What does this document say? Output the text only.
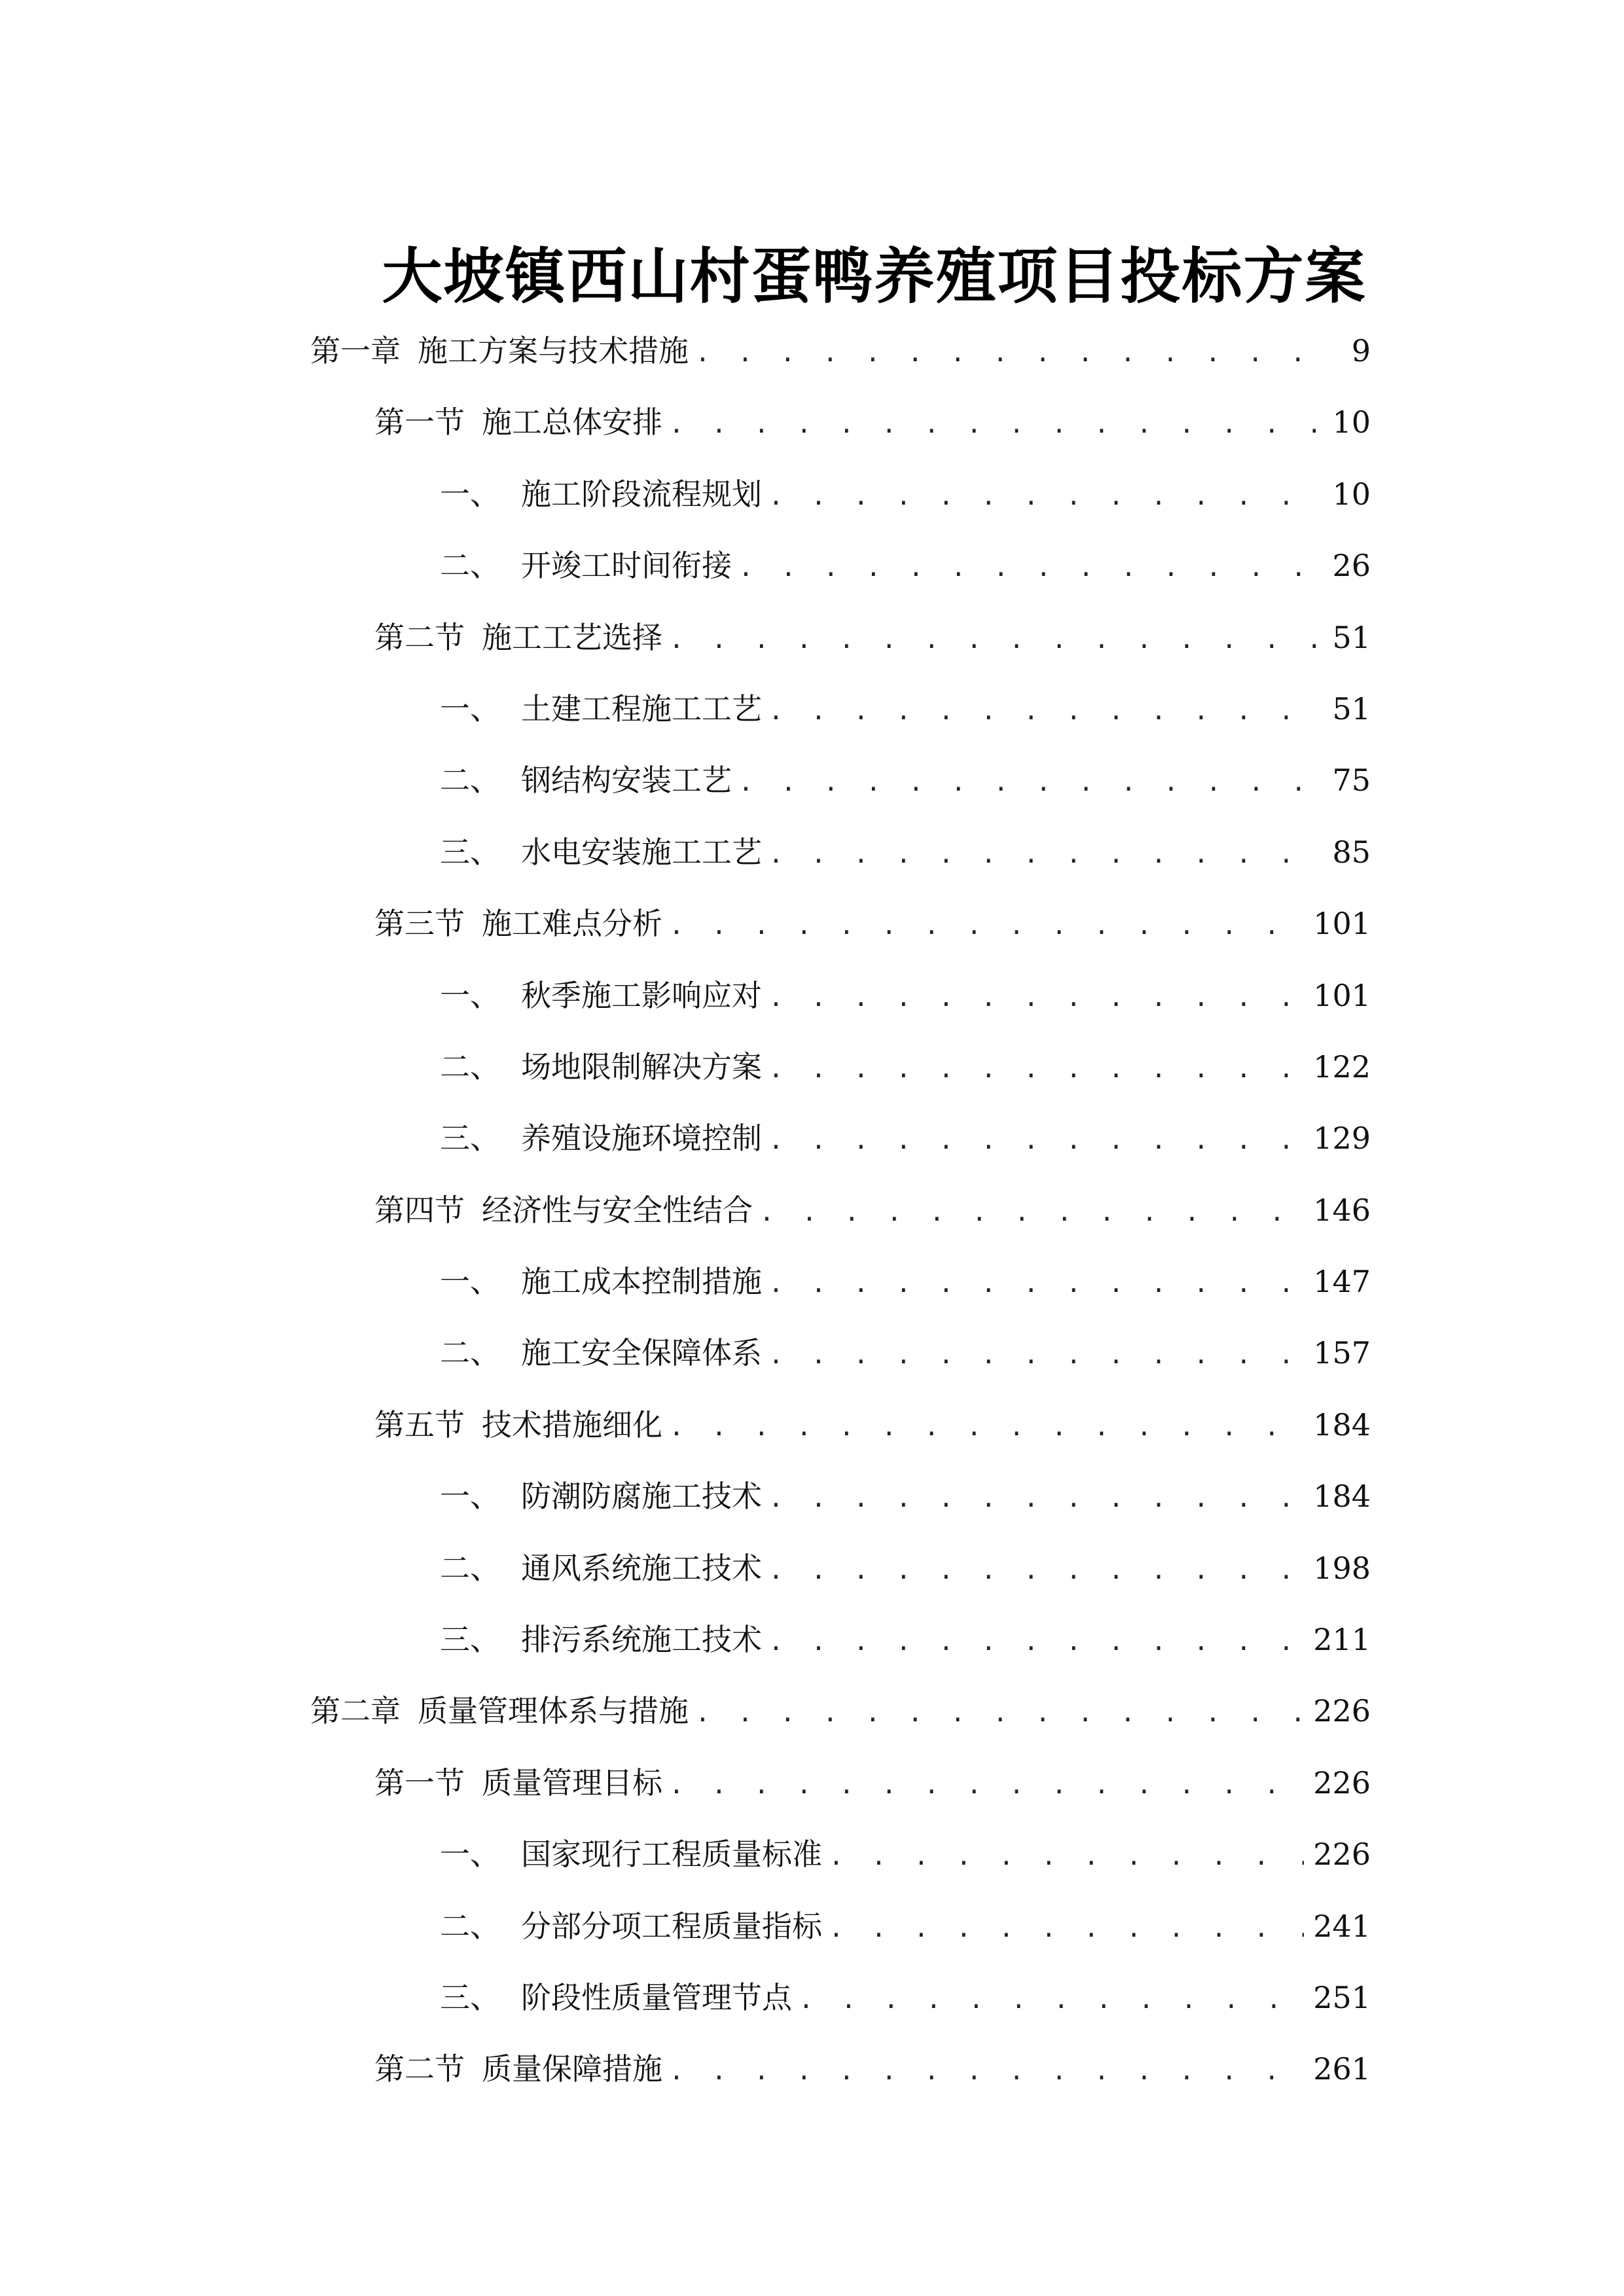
大坡镇西山村蛋鸭养殖项目投标方案
第一章 施工方案与技术措施 . . .	9
第一节 施工总体安排 . . .	10
一、 施工阶段流程规划 . . .	10
二、 开竣工时间衔接 . . .	26
第二节 施工工艺选择 . . .	51
一、 土建工程施工工艺 . . .	51
二、 钢结构安装工艺 . . .	75
三、 水电安装施工工艺 . . .	85
第三节 施工难点分析 . . .	101
一、 秋季施工影响应对 . . .	101
二、 场地限制解决方案 . . .	122
三、 养殖设施环境控制 . . .	129
第四节 经济性与安全性结合 . . .	146
一、 施工成本控制措施 . . .	147
二、 施工安全保障体系 . . .	157
第五节 技术措施细化 . . .	184
一、 防潮防腐施工技术 . . .	184
二、 通风系统施工技术 . . .	198
三、 排污系统施工技术 . . .	211
第二章 质量管理体系与措施 . . .	226
第一节 质量管理目标 . . .	226
一、 国家现行工程质量标准 . . .	226
二、 分部分项工程质量指标 . . .	241
三、 阶段性质量管理节点 . . .	251
第二节 质量保障措施 . . .	261
